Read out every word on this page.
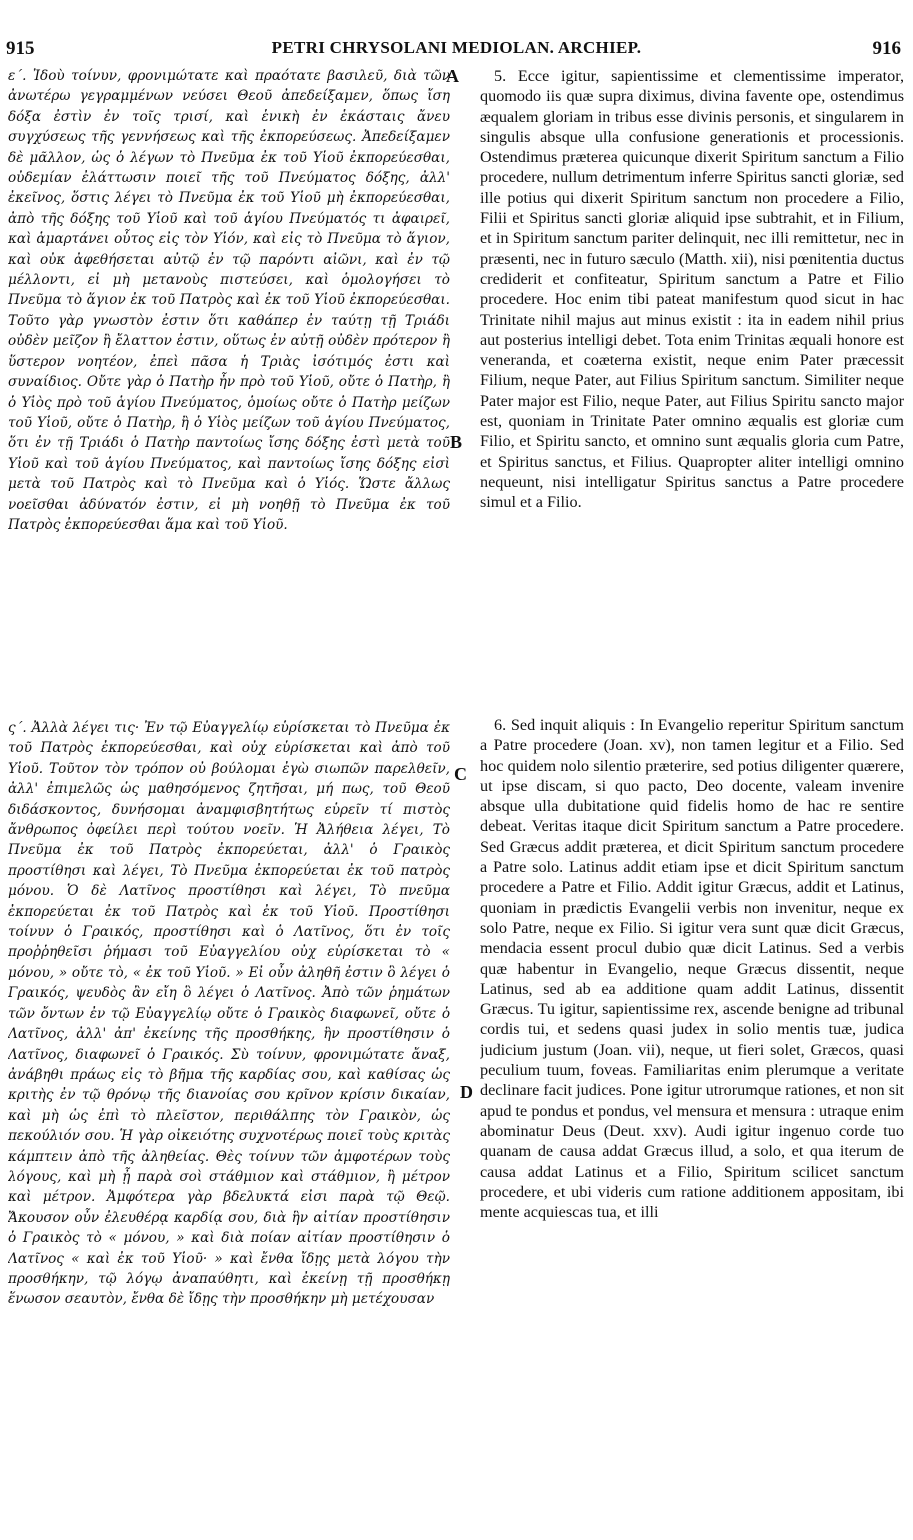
915	PETRI CHRYSOLANI MEDIOLAN. ARCHIEP.	916

ε΄. Ἰδοὺ τοίνυν, φρονιμώτατε καὶ πραότατε βασιλεῦ, διὰ τῶν ἀνωτέρω γεγραμμένων νεύσει Θεοῦ ἀπεδείξαμεν, ὅπως ἴση δόξα ἐστὶν ἐν τοῖς τρισί, καὶ ἑνικὴ ἐν ἑκάσταις ἄνευ συγχύσεως τῆς γεννήσεως καὶ τῆς ἐκπορεύσεως. Ἀπεδείξαμεν δὲ μᾶλλον, ὡς ὁ λέγων τὸ Πνεῦμα ἐκ τοῦ Υἱοῦ ἐκπορεύεσθαι, οὐδεμίαν ἐλάττωσιν ποιεῖ τῆς τοῦ Πνεύματος δόξης, ἀλλ' ἐκεῖνος, ὅστις λέγει τὸ Πνεῦμα ἐκ τοῦ Υἱοῦ μὴ ἐκπορεύεσθαι, ἀπὸ τῆς δόξης τοῦ Υἱοῦ καὶ τοῦ ἁγίου Πνεύματός τι ἀφαιρεῖ, καὶ ἁμαρτάνει οὗτος εἰς τὸν Υἱόν, καὶ εἰς τὸ Πνεῦμα τὸ ἅγιον, καὶ οὐκ ἀφεθήσεται αὐτῷ ἐν τῷ παρόντι αἰῶνι, καὶ ἐν τῷ μέλλοντι, εἰ μὴ μετανοὺς πιστεύσει, καὶ ὁμολογήσει τὸ Πνεῦμα τὸ ἅγιον ἐκ τοῦ Πατρὸς καὶ ἐκ τοῦ Υἱοῦ ἐκπορεύεσθαι. Τοῦτο γὰρ γνωστὸν ἐστιν ὅτι καθάπερ ἐν ταύτῃ τῇ Τριάδι οὐδὲν μεῖζον ἢ ἔλαττον ἐστιν, οὕτως ἐν αὐτῇ οὐδὲν πρότερον ἢ ὕστερον νοητέον, ἐπεὶ πᾶσα ἡ Τριὰς ἰσότιμός ἐστι καὶ συναίδιος. Οὔτε γὰρ ὁ Πατὴρ ἦν πρὸ τοῦ Υἱοῦ, οὔτε ὁ Πατὴρ, ἢ ὁ Υἱὸς πρὸ τοῦ ἁγίου Πνεύματος, ὁμοίως οὔτε ὁ Πατὴρ μείζων τοῦ Υἱοῦ, οὔτε ὁ Πατὴρ, ἢ ὁ Υἱὸς μείζων τοῦ ἁγίου Πνεύματος, ὅτι ἐν τῇ Τριάδι ὁ Πατὴρ παντοίως ἴσης δόξης ἐστὶ μετὰ τοῦ Υἱοῦ καὶ τοῦ ἁγίου Πνεύματος, καὶ παντοίως ἴσης δόξης εἰσὶ μετὰ τοῦ Πατρὸς καὶ τὸ Πνεῦμα καὶ ὁ Υἱός. Ὥστε ἄλλως νοεῖσθαι ἀδύνατόν ἐστιν, εἰ μὴ νοηθῇ τὸ Πνεῦμα ἐκ τοῦ Πατρὸς ἐκπορεύεσθαι ἅμα καὶ τοῦ Υἱοῦ.

ς΄. Ἀλλὰ λέγει τις· Ἐν τῷ Εὐαγγελίῳ εὑρίσκεται τὸ Πνεῦμα ἐκ τοῦ Πατρὸς ἐκπορεύεσθαι, καὶ οὐχ εὑρίσκεται καὶ ἀπὸ τοῦ Υἱοῦ. Τοῦτον τὸν τρόπον οὐ βούλομαι ἐγὼ σιωπῶν παρελθεῖν, ἀλλ' ἐπιμελῶς ὡς μαθησόμενος ζητῆσαι, μή πως, τοῦ Θεοῦ διδάσκοντος, δυνήσομαι ἀναμφισβητήτως εὑρεῖν τί πιστὸς ἄνθρωπος ὀφείλει περὶ τούτου νοεῖν. Ἡ Ἀλήθεια λέγει, Τὸ Πνεῦμα ἐκ τοῦ Πατρὸς ἐκπορεύεται, ἀλλ' ὁ Γραικὸς προστίθησι καὶ λέγει, Τὸ Πνεῦμα ἐκπορεύεται ἐκ τοῦ πατρὸς μόνου. Ὁ δὲ Λατῖνος προστίθησι καὶ λέγει, Τὸ πνεῦμα ἐκπορεύεται ἐκ τοῦ Πατρὸς καὶ ἐκ τοῦ Υἱοῦ. Προστίθησι τοίνυν ὁ Γραικός, προστίθησι καὶ ὁ Λατῖνος, ὅτι ἐν τοῖς προῤῥηθεῖσι ῥήμασι τοῦ Εὐαγγελίου οὐχ εὑρίσκεται τὸ « μόνου, » οὔτε τὸ, « ἐκ τοῦ Υἱοῦ. » Εἰ οὖν ἀληθῆ ἐστιν ὃ λέγει ὁ Γραικός, ψευδὸς ἂν εἴη ὃ λέγει ὁ Λατῖνος. Ἀπὸ τῶν ῥημάτων τῶν ὄντων ἐν τῷ Εὐαγγελίῳ οὔτε ὁ Γραικὸς διαφωνεῖ, οὔτε ὁ Λατῖνος, ἀλλ' ἀπ' ἐκείνης τῆς προσθήκης, ἣν προστίθησιν ὁ Λατῖνος, διαφωνεῖ ὁ Γραικός. Σὺ τοίνυν, φρονιμώτατε ἄναξ, ἀνάβηθι πράως εἰς τὸ βῆμα τῆς καρδίας σου, καὶ καθίσας ὡς κριτὴς ἐν τῷ θρόνῳ τῆς διανοίας σου κρῖνον κρίσιν δικαίαν, καὶ μὴ ὡς ἐπὶ τὸ πλεῖστον, περιθάλπης τὸν Γραικὸν, ὡς πεκούλιόν σου. Ἡ γὰρ οἰκειότης συχνοτέρως ποιεῖ τοὺς κριτὰς κάμπτειν ἀπὸ τῆς ἀληθείας. Θὲς τοίνυν τῶν ἀμφοτέρων τοὺς λόγους, καὶ μὴ ᾖ παρὰ σοὶ στάθμιον καὶ στάθμιον, ἢ μέτρον καὶ μέτρον. Ἀμφότερα γὰρ βδελυκτά εἰσι παρὰ τῷ Θεῷ. Ἄκουσον οὖν ἐλευθέρᾳ καρδίᾳ σου, διὰ ἣν αἰτίαν προστίθησιν ὁ Γραικὸς τὸ « μόνου, » καὶ διὰ ποίαν αἰτίαν προστίθησιν ὁ Λατῖνος « καὶ ἐκ τοῦ Υἱοῦ· » καὶ ἔνθα ἴδῃς μετὰ λόγου τὴν προσθήκην, τῷ λόγῳ ἀναπαύθητι, καὶ ἐκείνῃ τῇ προσθήκῃ ἕνωσον σεαυτὸν, ἔνθα δὲ ἴδῃς τὴν προσθήκην μὴ μετέχουσαν

A
B
C
D

5. Ecce igitur, sapientissime et clementissime imperator, quomodo iis quæ supra diximus, divina favente ope, ostendimus æqualem gloriam in tribus esse divinis personis, et singularem in singulis absque ulla confusione generationis et processionis. Ostendimus præterea quicunque dixerit Spiritum sanctum a Filio procedere, nullum detrimentum inferre Spiritus sancti gloriæ, sed ille potius qui dixerit Spiritum sanctum non procedere a Filio, Filii et Spiritus sancti gloriæ aliquid ipse subtrahit, et in Filium, et in Spiritum sanctum pariter delinquit, nec illi remittetur, nec in præsenti, nec in futuro sæculo (Matth. xii), nisi pœnitentia ductus crediderit et confiteatur, Spiritum sanctum a Patre et Filio procedere. Hoc enim tibi pateat manifestum quod sicut in hac Trinitate nihil majus aut minus existit : ita in eadem nihil prius aut posterius intelligi debet. Tota enim Trinitas æquali honore est veneranda, et coæterna existit, neque enim Pater præcessit Filium, neque Pater, aut Filius Spiritum sanctum. Similiter neque Pater major est Filio, neque Pater, aut Filius Spiritu sancto major est, quoniam in Trinitate Pater omnino æqualis est gloriæ cum Filio, et Spiritu sancto, et omnino sunt æqualis gloria cum Patre, et Spiritus sanctus, et Filius. Quapropter aliter intelligi omnino nequeunt, nisi intelligatur Spiritus sanctus a Patre procedere simul et a Filio.

6. Sed inquit aliquis : In Evangelio reperitur Spiritum sanctum a Patre procedere (Joan. xv), non tamen legitur et a Filio. Sed hoc quidem nolo silentio præterire, sed potius diligenter quærere, ut ipse discam, si quo pacto, Deo docente, valeam invenire absque ulla dubitatione quid fidelis homo de hac re sentire debeat. Veritas itaque dicit Spiritum sanctum a Patre procedere. Sed Græcus addit præterea, et dicit Spiritum sanctum procedere a Patre solo. Latinus addit etiam ipse et dicit Spiritum sanctum procedere a Patre et Filio. Addit igitur Græcus, addit et Latinus, quoniam in prædictis Evangelii verbis non invenitur, neque ex solo Patre, neque ex Filio. Si igitur vera sunt quæ dicit Græcus, mendacia essent procul dubio quæ dicit Latinus. Sed a verbis quæ habentur in Evangelio, neque Græcus dissentit, neque Latinus, sed ab ea additione quam addit Latinus, dissentit Græcus. Tu igitur, sapientissime rex, ascende benigne ad tribunal cordis tui, et sedens quasi judex in solio mentis tuæ, judica judicium justum (Joan. vii), neque, ut fieri solet, Græcos, quasi peculium tuum, foveas. Familiaritas enim plerumque a veritate declinare facit judices. Pone igitur utrorumque rationes, et non sit apud te pondus et pondus, vel mensura et mensura : utraque enim abominatur Deus (Deut. xxv). Audi igitur ingenuo corde tuo quanam de causa addat Græcus illud, a solo, et qua iterum de causa addat Latinus et a Filio, Spiritum scilicet sanctum procedere, et ubi videris cum ratione additionem appositam, ibi mente acquiescas tua, et illi
